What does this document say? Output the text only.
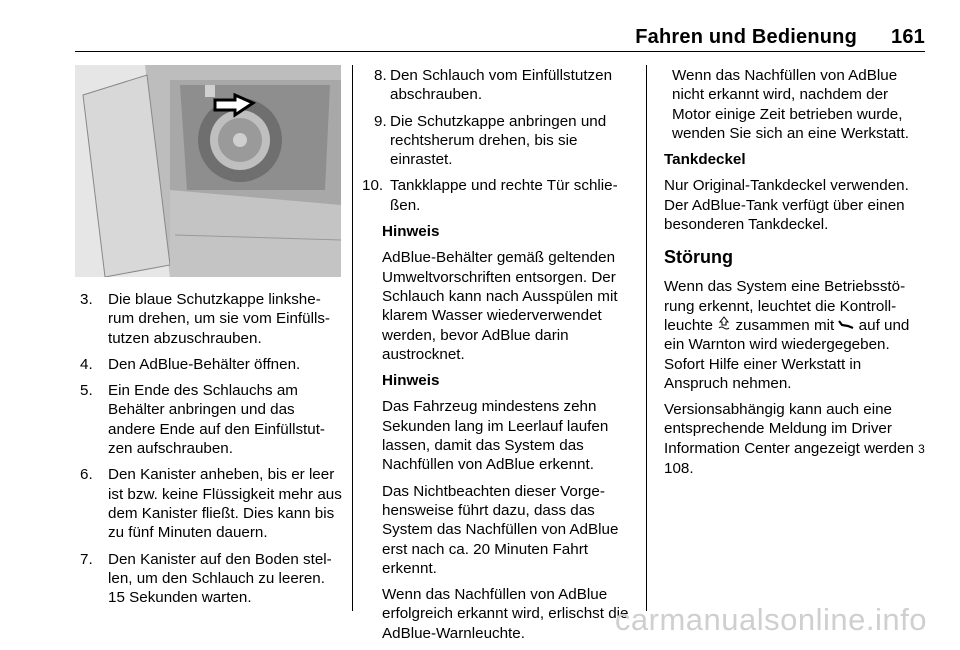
Fahren und Bedienung 161
3. Die blaue Schutzkappe linkshe-rum drehen, um sie vom Einfülls-tutzen abzuschrauben.
4. Den AdBlue-Behälter öffnen.
5. Ein Ende des Schlauchs am Behälter anbringen und das andere Ende auf den Einfüllstut-zen aufschrauben.
6. Den Kanister anheben, bis er leer ist bzw. keine Flüssigkeit mehr aus dem Kanister fließt. Dies kann bis zu fünf Minuten dauern.
7. Den Kanister auf den Boden stel-len, um den Schlauch zu leeren. 15 Sekunden warten.
8. Den Schlauch vom Einfüllstutzen abschrauben.
9. Die Schutzkappe anbringen und rechtsherum drehen, bis sie einrastet.
10. Tankklappe und rechte Tür schlie-ßen.

Hinweis

AdBlue-Behälter gemäß geltenden Umweltvorschriften entsorgen. Der Schlauch kann nach Ausspülen mit klarem Wasser wiederverwendet werden, bevor AdBlue darin austrocknet.

Hinweis

Das Fahrzeug mindestens zehn Sekunden lang im Leerlauf laufen lassen, damit das System das Nachfüllen von AdBlue erkennt.

Das Nichtbeachten dieser Vorge-hensweise führt dazu, dass das System das Nachfüllen von AdBlue erst nach ca. 20 Minuten Fahrt erkennt.

Wenn das Nachfüllen von AdBlue erfolgreich erkannt wird, erlischst die AdBlue-Warnleuchte.

Wenn das Nachfüllen von AdBlue nicht erkannt wird, nachdem der Motor einige Zeit betrieben wurde, wenden Sie sich an eine Werkstatt.

Tankdeckel

Nur Original-Tankdeckel verwenden. Der AdBlue-Tank verfügt über einen besonderen Tankdeckel.

Störung

Wenn das System eine Betriebsstö-rung erkennt, leuchtet die Kontroll-leuchte zusammen mit auf und ein Warnton wird wiedergegeben. Sofort Hilfe einer Werkstatt in Anspruch nehmen.

Versionsabhängig kann auch eine entsprechende Meldung im Driver Information Center angezeigt werden 3 108.

carmanualsonline.info
